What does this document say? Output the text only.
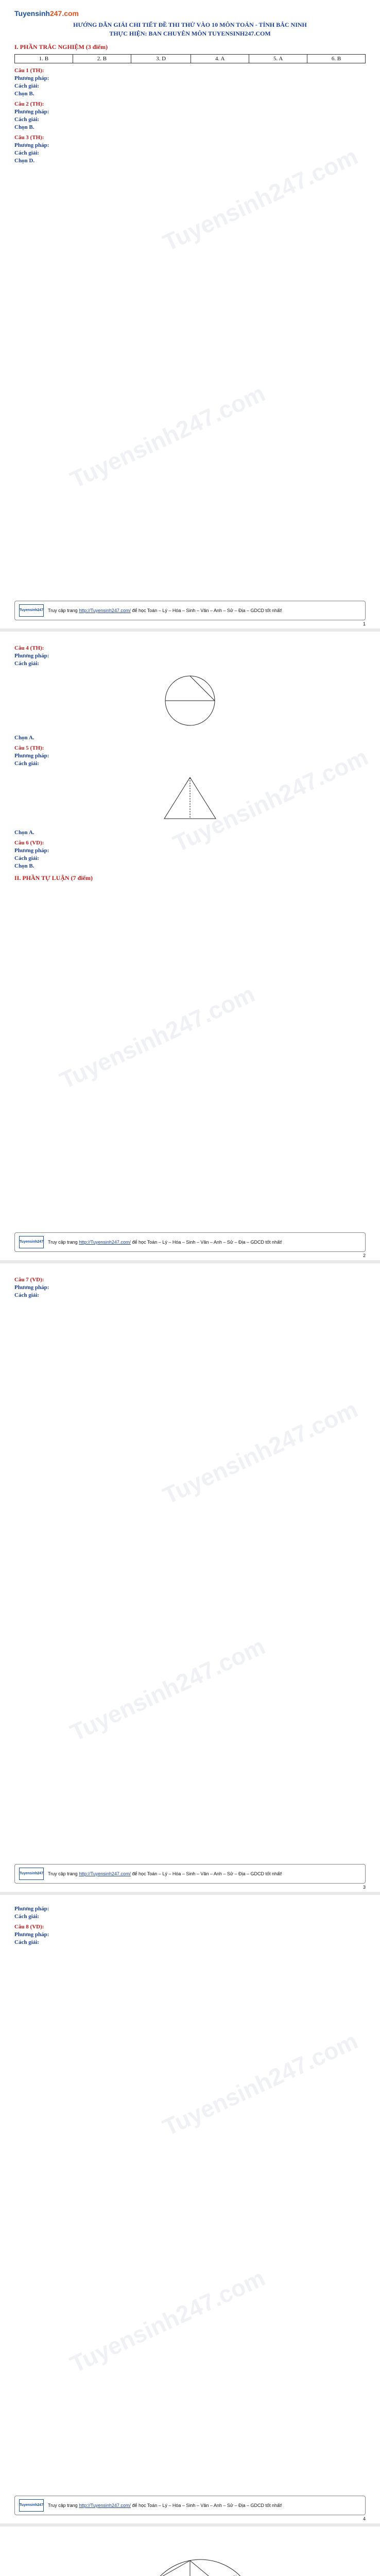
Tuyensinh247.com
Tuyensinh247.com
Tuyensinh247.com
HƯỚNG DẪN GIẢI CHI TIẾT ĐỀ THI THỬ VÀO 10 MÔN TOÁN - TỈNH BẮC NINH
THỰC HIỆN: BAN CHUYÊN MÔN TUYENSINH247.COM
I. PHẦN TRẮC NGHIỆM (3 điểm)
1. B	2. B	3. D	4. A	5. A	6. B
Câu 1 (TH):
Phương pháp:
Cách giải:
Chọn B.
Câu 2 (TH):
Phương pháp:
Cách giải:
Chọn B.
Câu 3 (TH):
Phương pháp:
Cách giải:
Chọn D.
Tuyensinh247 Truy cập trang http://Tuyensinh247.com/ để học Toán – Lý – Hóa – Sinh – Văn – Anh – Sử – Địa – GDCD tốt nhất!
1
Tuyensinh247.com
Tuyensinh247.com
Câu 4 (TH):
Phương pháp:
Cách giải:
Chọn A.
Câu 5 (TH):
Phương pháp:
Cách giải:
Chọn A.
Câu 6 (VD):
Phương pháp:
Cách giải:
Chọn B.
II. PHẦN TỰ LUẬN (7 điểm)
Tuyensinh247 Truy cập trang http://Tuyensinh247.com/ để học Toán – Lý – Hóa – Sinh – Văn – Anh – Sử – Địa – GDCD tốt nhất!
2
Tuyensinh247.com
Tuyensinh247.com
Câu 7 (VD):
Phương pháp:
Cách giải:
Tuyensinh247 Truy cập trang http://Tuyensinh247.com/ để học Toán – Lý – Hóa – Sinh – Văn – Anh – Sử – Địa – GDCD tốt nhất!
3
Tuyensinh247.com
Tuyensinh247.com
Phương pháp:
Cách giải:
Câu 8 (VD):
Phương pháp:
Cách giải:
Tuyensinh247 Truy cập trang http://Tuyensinh247.com/ để học Toán – Lý – Hóa – Sinh – Văn – Anh – Sử – Địa – GDCD tốt nhất!
4
